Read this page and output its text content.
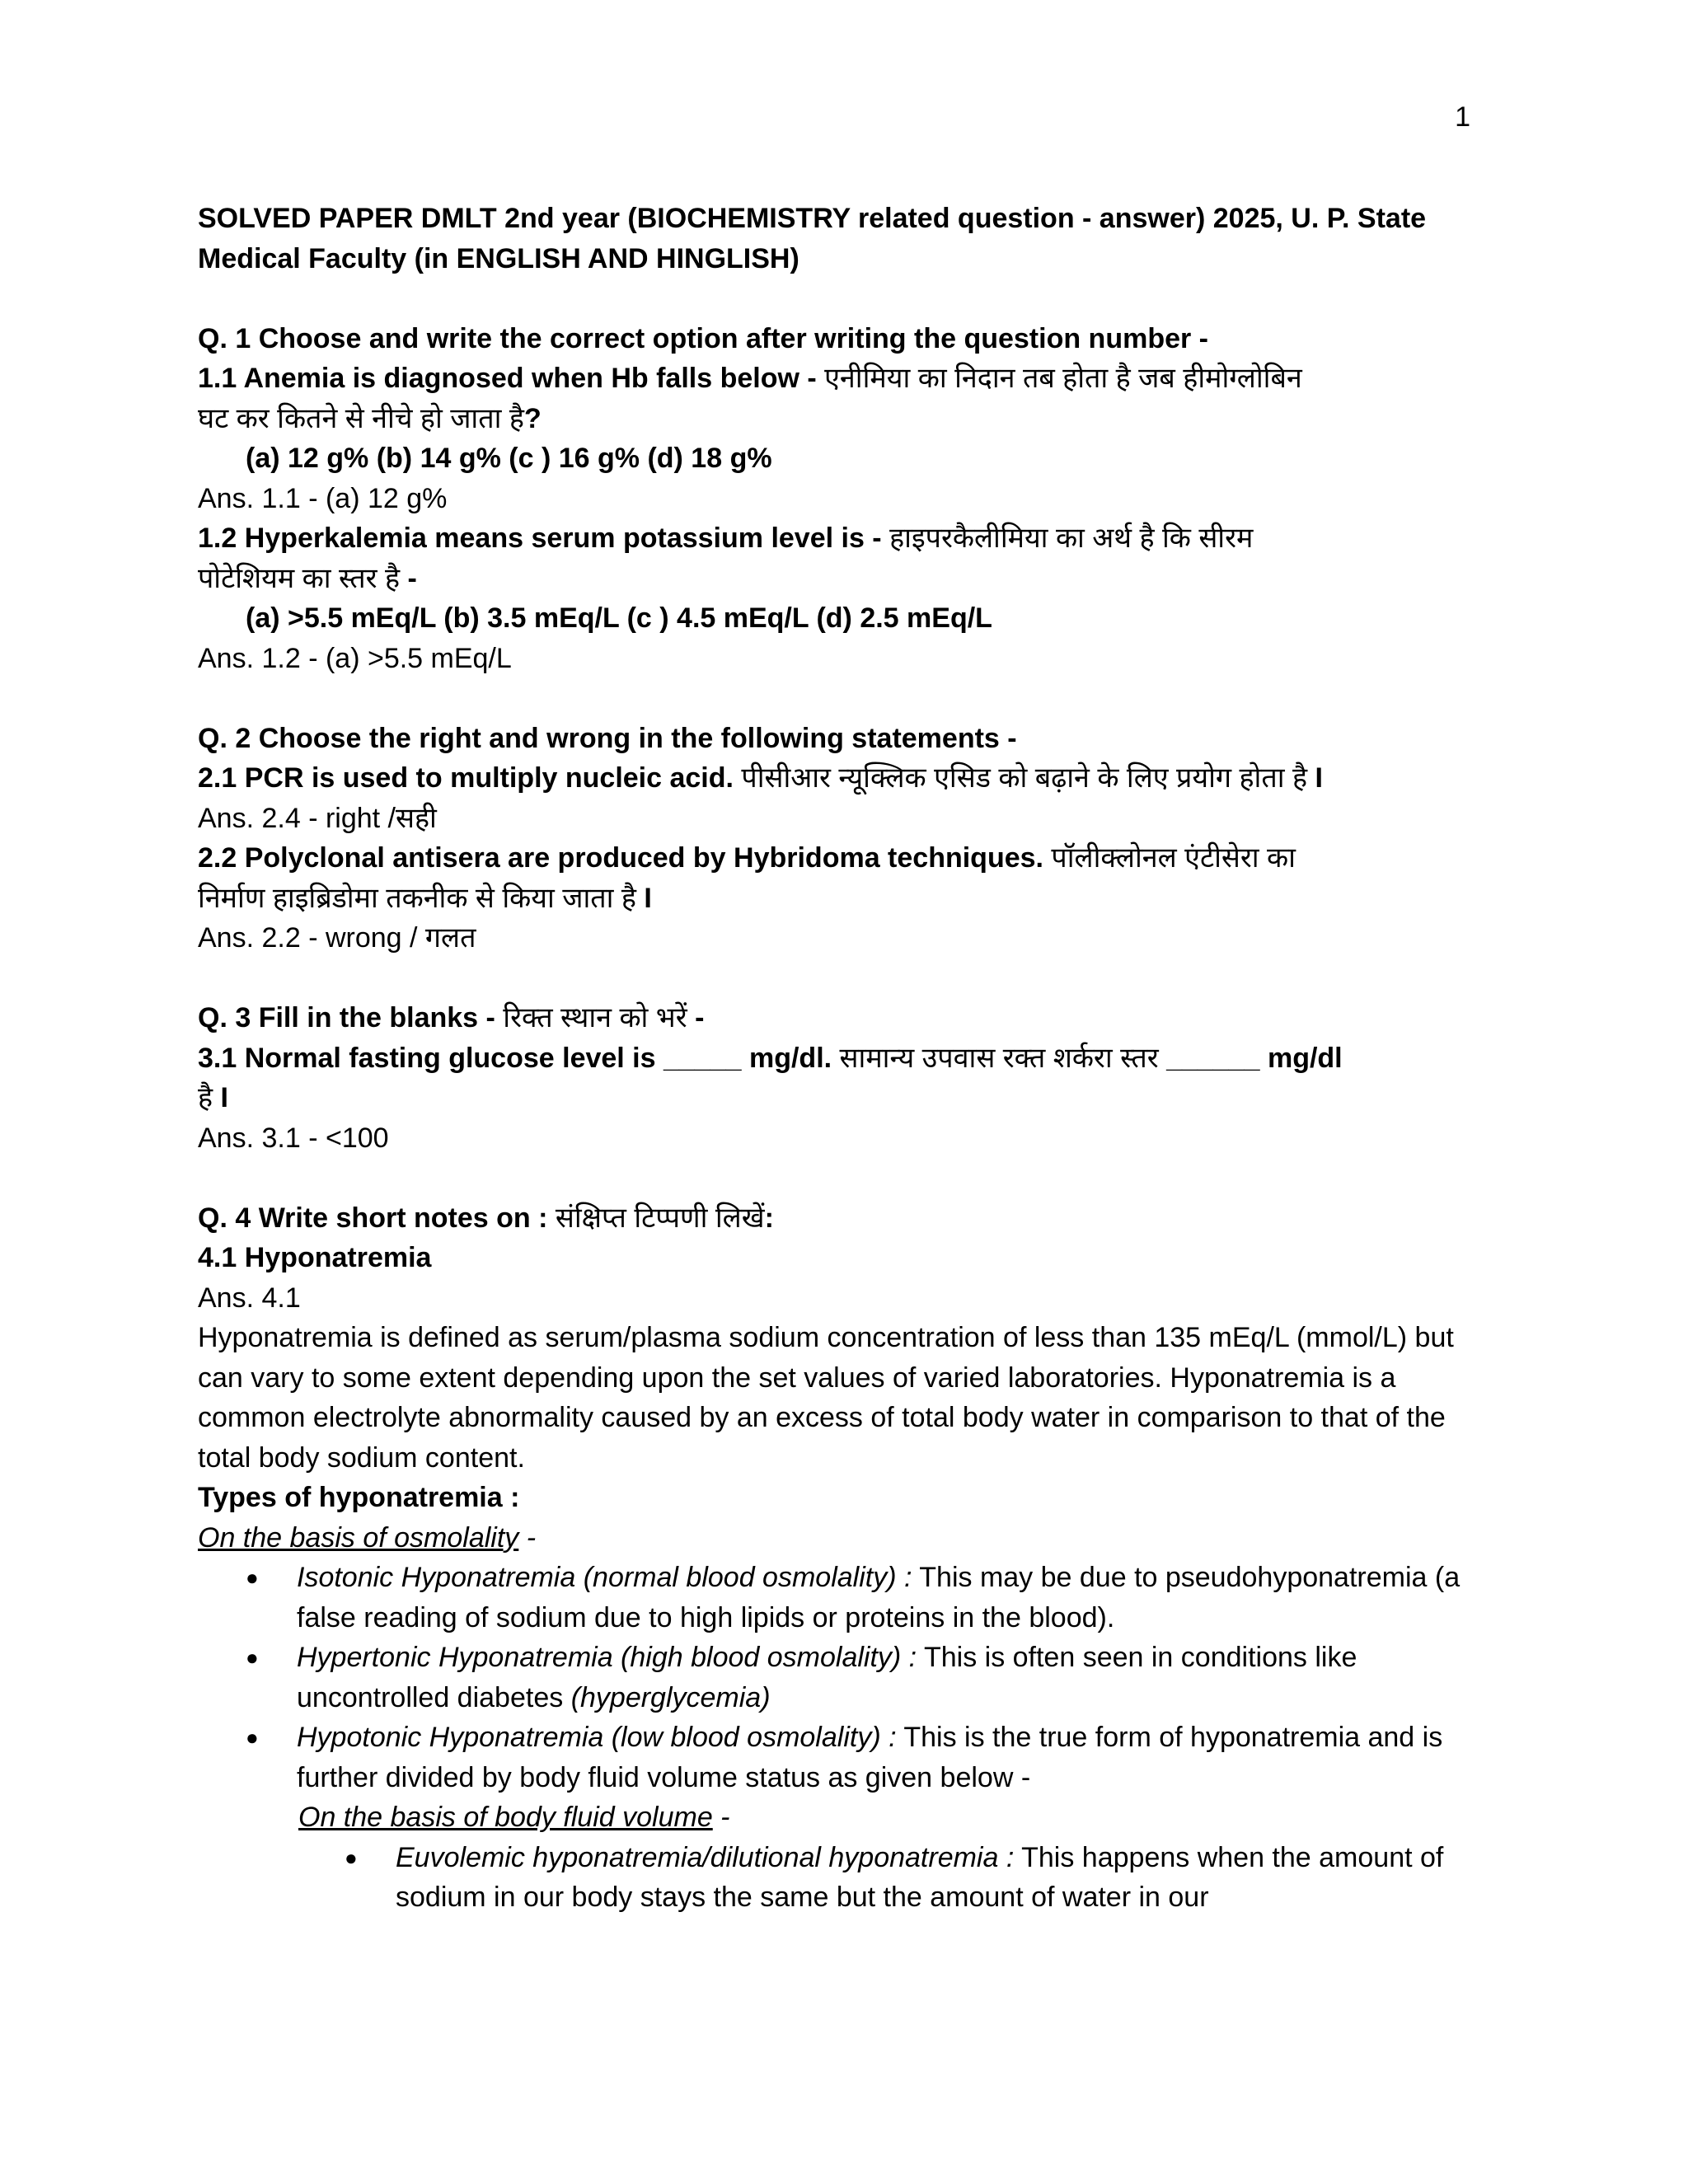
1

SOLVED PAPER DMLT 2nd year (BIOCHEMISTRY related question - answer) 2025, U. P. State Medical Faculty (in ENGLISH AND HINGLISH)

Q. 1 Choose and write the correct option after writing the question number -

1.1 Anemia is diagnosed when Hb falls below - एनीमिया का निदान तब होता है जब हीमोग्लोबिन
घट कर कितने से नीचे हो जाता है?

(a) 12 g% (b) 14 g% (c ) 16 g% (d) 18 g%

Ans. 1.1 - (a) 12 g%

1.2 Hyperkalemia means serum potassium level is - हाइपरकैलीमिया का अर्थ है कि सीरम
पोटेशियम का स्तर है -

(a) >5.5 mEq/L (b) 3.5 mEq/L (c ) 4.5 mEq/L (d) 2.5 mEq/L

Ans. 1.2 - (a) >5.5 mEq/L

Q. 2 Choose the right and wrong in the following statements -

2.1 PCR is used to multiply nucleic acid. पीसीआर न्यूक्लिक एसिड को बढ़ाने के लिए प्रयोग होता है I

Ans. 2.4 - right /सही

2.2 Polyclonal antisera are produced by Hybridoma techniques. पॉलीक्लोनल एंटीसेरा का
निर्माण हाइब्रिडोमा तकनीक से किया जाता है I

Ans. 2.2 - wrong / गलत

Q. 3 Fill in the blanks - रिक्त स्थान को भरें -

3.1 Normal fasting glucose level is _____ mg/dl. सामान्य उपवास रक्त शर्करा स्तर ______ mg/dl
है I

Ans. 3.1 - <100

Q. 4 Write short notes on : संक्षिप्त टिप्पणी लिखें:

4.1 Hyponatremia

Ans. 4.1

Hyponatremia is defined as serum/plasma sodium concentration of less than 135 mEq/L (mmol/L) but can vary to some extent depending upon the set values of varied laboratories. Hyponatremia is a common electrolyte abnormality caused by an excess of total body water in comparison to that of the total body sodium content.

Types of hyponatremia :

On the basis of osmolality -

● Isotonic Hyponatremia (normal blood osmolality) : This may be due to pseudohyponatremia (a false reading of sodium due to high lipids or proteins in the blood).
● Hypertonic Hyponatremia (high blood osmolality) : This is often seen in conditions like uncontrolled diabetes (hyperglycemia)
● Hypotonic Hyponatremia (low blood osmolality) : This is the true form of hyponatremia and is further divided by body fluid volume status as given below -

On the basis of body fluid volume -

● Euvolemic hyponatremia/dilutional hyponatremia : This happens when the amount of sodium in our body stays the same but the amount of water in our
